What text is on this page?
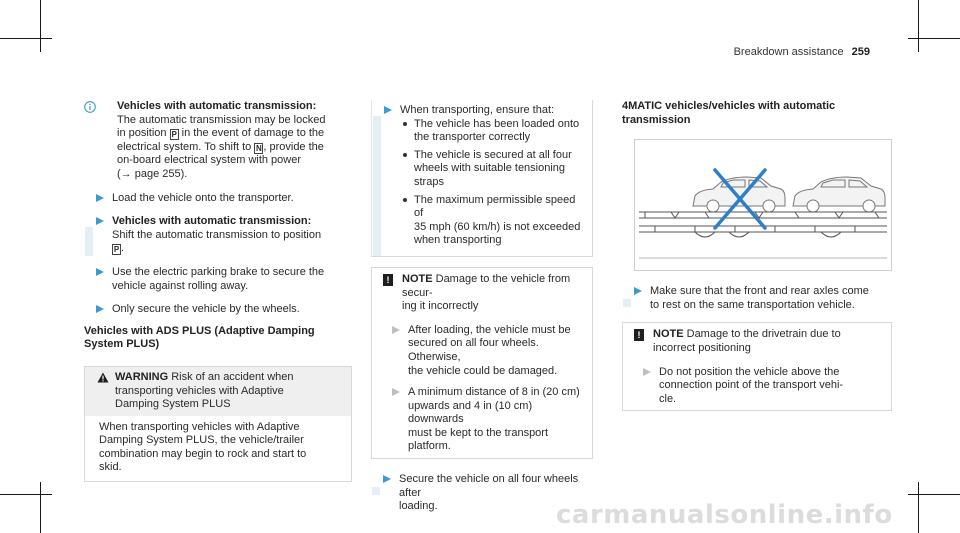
Breakdown assistance 259
Vehicles with automatic transmission:
The automatic transmission may be locked
in position P in the event of damage to the
electrical system. To shift to N , provide the
on-board electrical system with power
(→ page 255).
Load the vehicle onto the transporter.
Vehicles with automatic transmission:
Shift the automatic transmission to position
P .
Use the electric parking brake to secure the
vehicle against rolling away.
Only secure the vehicle by the wheels.
Vehicles with ADS PLUS (Adaptive Damping
System PLUS)
WARNING Risk of an accident when
transporting vehicles with Adaptive
Damping System PLUS
When transporting vehicles with Adaptive
Damping System PLUS, the vehicle/trailer
combination may begin to rock and start to
skid.
When transporting, ensure that:
The vehicle has been loaded onto
the transporter correctly
The vehicle is secured at all four
wheels with suitable tensioning
straps
The maximum permissible speed of
35 mph (60 km/h) is not exceeded
when transporting
!	NOTE Damage to the vehicle from secur-
ing it incorrectly
After loading, the vehicle must be
secured on all four wheels. Otherwise,
the vehicle could be damaged.
A minimum distance of 8 in (20 cm)
upwards and 4 in (10 cm) downwards
must be kept to the transport platform.
Secure the vehicle on all four wheels after
loading.
4MATIC vehicles/vehicles with automatic
transmission
Make sure that the front and rear axles come
to rest on the same transportation vehicle.
!	NOTE Damage to the drivetrain due to
incorrect positioning
Do not position the vehicle above the
connection point of the transport vehi-
cle.
carmanualsonline.info
